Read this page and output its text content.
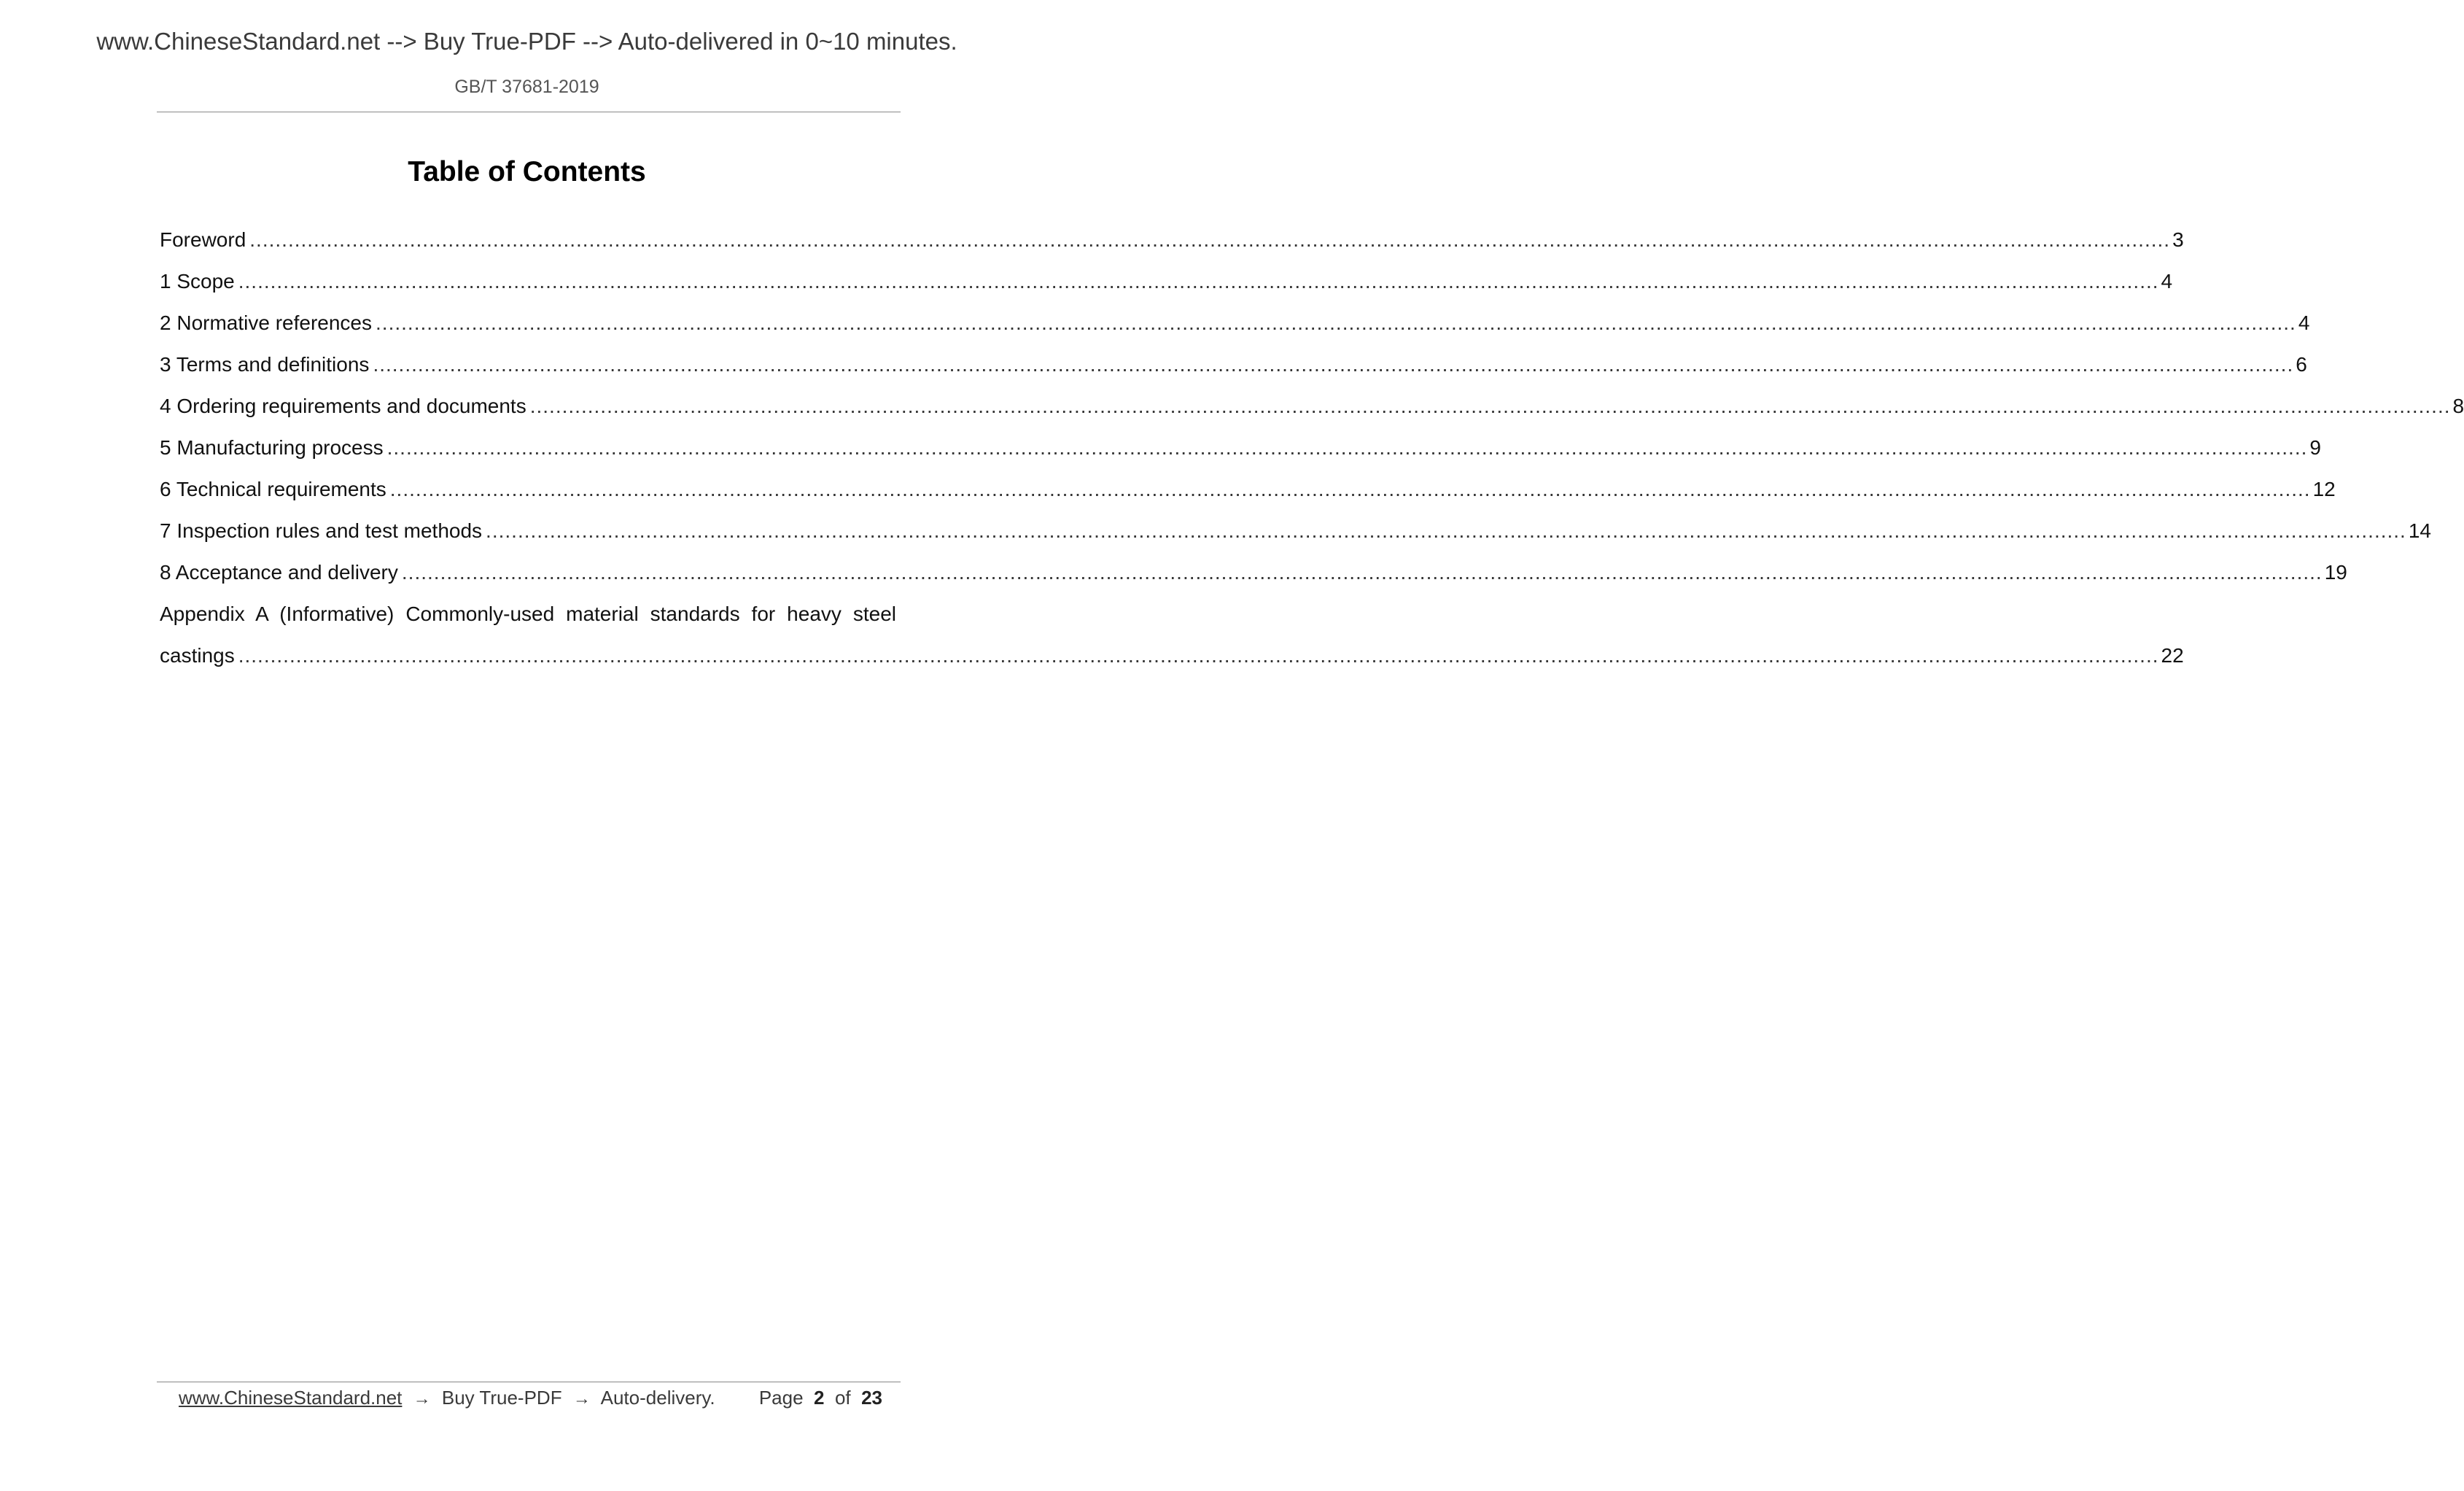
www.ChineseStandard.net --> Buy True-PDF --> Auto-delivered in 0~10 minutes.
GB/T 37681-2019
Table of Contents
Foreword ............................................................................................................................................................................................................................................................................................................ 3
1 Scope ............................................................................................................................................................................................................................................................................................................ 4
2 Normative references ............................................................................................................................................................................................................................................................................................................ 4
3 Terms and definitions ............................................................................................................................................................................................................................................................................................................ 6
4 Ordering requirements and documents ............................................................................................................................................................................................................................................................................................................ 8
5 Manufacturing process ............................................................................................................................................................................................................................................................................................................ 9
6 Technical requirements ............................................................................................................................................................................................................................................................................................................ 12
7 Inspection rules and test methods ............................................................................................................................................................................................................................................................................................................ 14
8 Acceptance and delivery ............................................................................................................................................................................................................................................................................................................ 19
Appendix A (Informative) Commonly-used material standards for heavy steel
castings ............................................................................................................................................................................................................................................................................................................ 22
www.ChineseStandard.net → Buy True-PDF → Auto-delivery. Page 2 of 23
